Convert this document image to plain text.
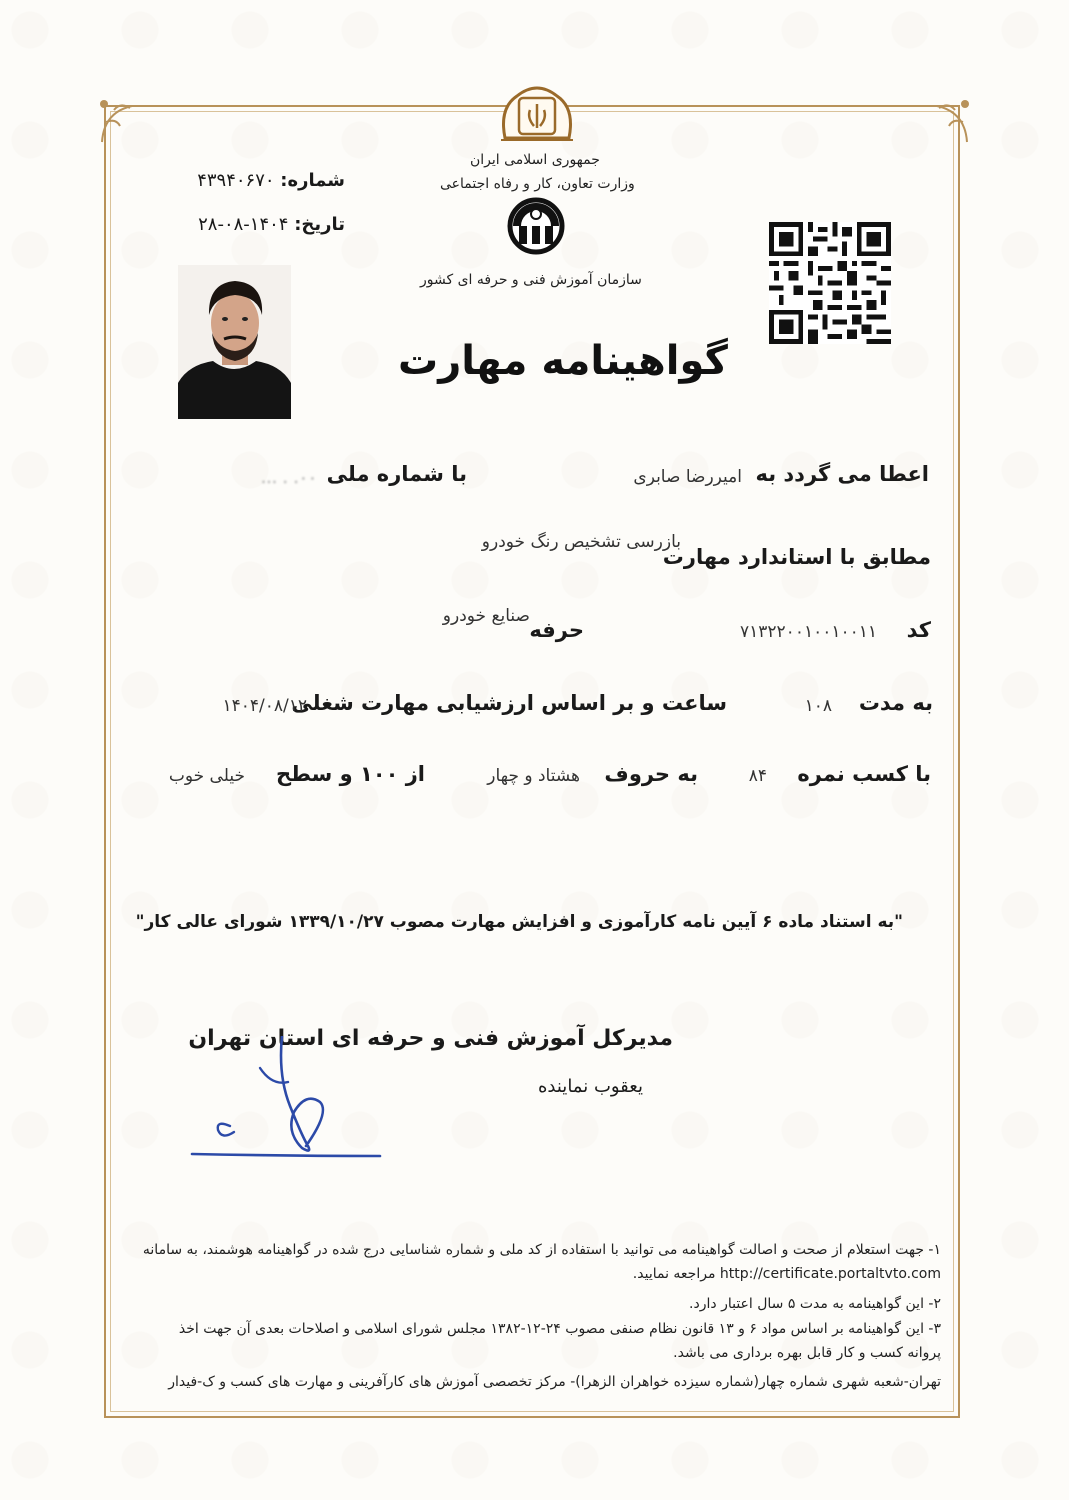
جمهوری اسلامی ایران
وزارت تعاون، کار و رفاه اجتماعی
سازمان آموزش فنی و حرفه ای کشور
شماره: ۴۳۹۴۰۶۷۰
تاریخ: ۱۴۰۴-۰۸-۲۸
گواهینامه مهارت
اعطا می گردد به
امیررضا صابری
با شماره ملی
۰۰. . ...
مطابق با استاندارد مهارت
بازرسی تشخیص رنگ خودرو
کد
۷۱۳۲۲۰۰۱۰۰۱۰۰۱۱
حرفه
صنایع خودرو
به مدت
۱۰۸
ساعت و بر اساس ارزشیابی مهارت شغلی
۱۴۰۴/۰۸/۱۲
با کسب نمره
۸۴
به حروف
هشتاد و چهار
از ۱۰۰ و سطح
خیلی خوب
"به استناد ماده ۶ آیین نامه کارآموزی و افزایش مهارت مصوب ۱۳۳۹/۱۰/۲۷ شورای عالی کار"
مدیرکل آموزش فنی و حرفه ای استان تهران
یعقوب نماینده
۱- جهت استعلام از صحت و اصالت گواهینامه می توانید با استفاده از کد ملی و شماره شناسایی درج شده در گواهینامه هوشمند، به سامانه http://certificate.portaltvto.com مراجعه نمایید.
۲- این گواهینامه به مدت ۵ سال اعتبار دارد.
۳- این گواهینامه بر اساس مواد ۶ و ۱۳ قانون نظام صنفی مصوب ۲۴-۱۲-۱۳۸۲ مجلس شورای اسلامی و اصلاحات بعدی آن جهت اخذ پروانه کسب و کار قابل بهره برداری می باشد.
تهران-شعبه شهری شماره چهار(شماره سیزده خواهران الزهرا)- مرکز تخصصی آموزش های کارآفرینی و مهارت های کسب و ک-فیدار
